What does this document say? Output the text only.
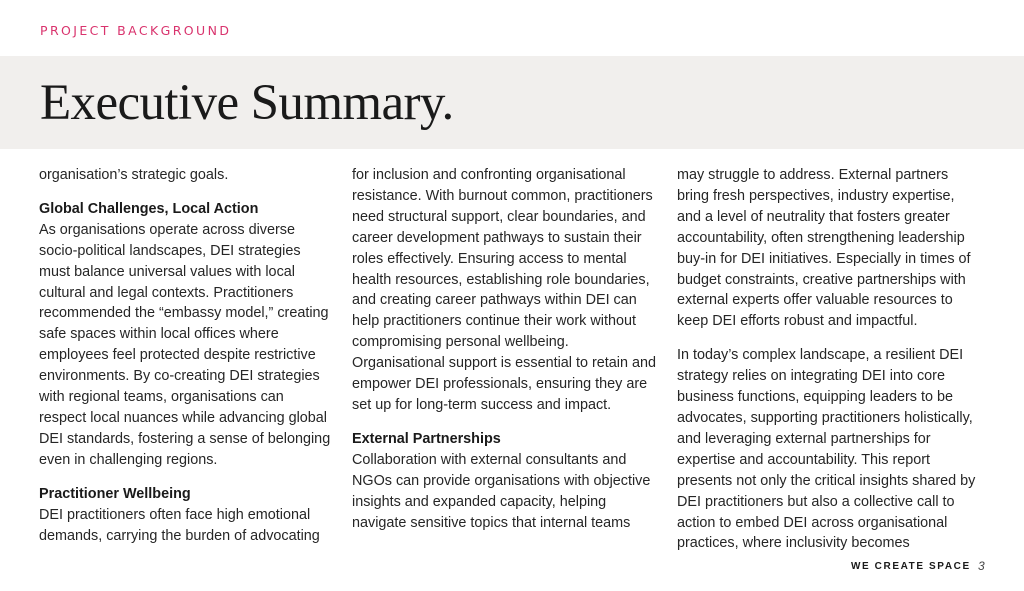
PROJECT BACKGROUND
Executive Summary.

organisation’s strategic goals.

Global Challenges, Local Action

As organisations operate across diverse socio-political landscapes, DEI strategies must balance universal values with local cultural and legal contexts. Practitioners recommended the “embassy model,” creating safe spaces within local offices where employees feel protected despite restrictive environments. By co-creating DEI strategies with regional teams, organisations can respect local nuances while advancing global DEI standards, fostering a sense of belonging even in challenging regions.

Practitioner Wellbeing

DEI practitioners often face high emotional demands, carrying the burden of advocating

for inclusion and confronting organisational resistance. With burnout common, practitioners need structural support, clear boundaries, and career development pathways to sustain their roles effectively. Ensuring access to mental health resources, establishing role boundaries, and creating career pathways within DEI can help practitioners continue their work without compromising personal wellbeing. Organisational support is essential to retain and empower DEI professionals, ensuring they are set up for long-term success and impact.

External Partnerships

Collaboration with external consultants and NGOs can provide organisations with objective insights and expanded capacity, helping navigate sensitive topics that internal teams

may struggle to address. External partners bring fresh perspectives, industry expertise, and a level of neutrality that fosters greater accountability, often strengthening leadership buy-in for DEI initiatives. Especially in times of budget constraints, creative partnerships with external experts offer valuable resources to keep DEI efforts robust and impactful.

In today’s complex landscape, a resilient DEI strategy relies on integrating DEI into core business functions, equipping leaders to be advocates, supporting practitioners holistically, and leveraging external partnerships for expertise and accountability. This report presents not only the critical insights shared by DEI practitioners but also a collective call to action to embed DEI across organisational practices, where inclusivity becomes

WE CREATE SPACE 3
